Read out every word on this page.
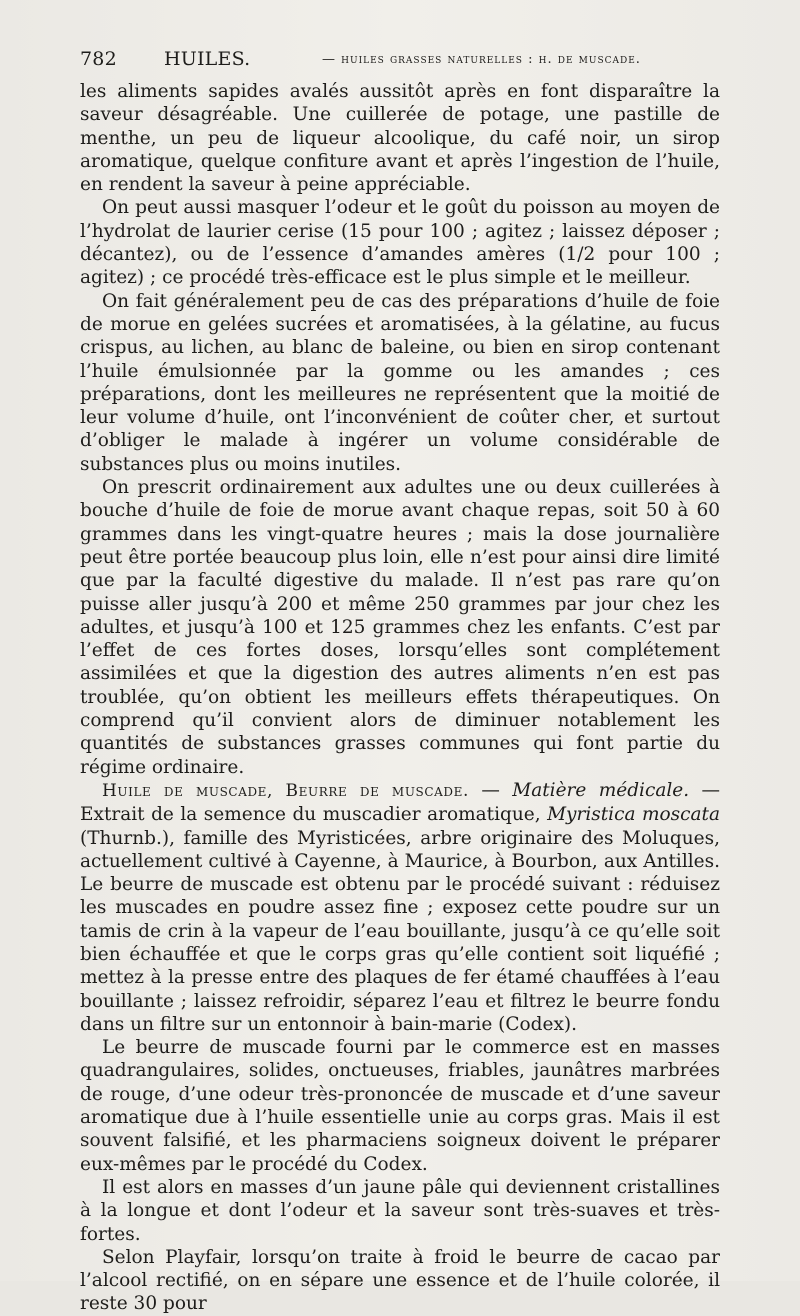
782 HUILES.	— huiles grasses naturelles : h. de muscade.

les aliments sapides avalés aussitôt après en font disparaître la saveur désagréable. Une cuillerée de potage, une pastille de menthe, un peu de liqueur alcoolique, du café noir, un sirop aromatique, quelque confiture avant et après l’ingestion de l’huile, en rendent la saveur à peine appréciable.

On peut aussi masquer l’odeur et le goût du poisson au moyen de l’hydrolat de laurier cerise (15 pour 100 ; agitez ; laissez déposer ; décantez), ou de l’essence d’amandes amères (1/2 pour 100 ; agitez) ; ce procédé très-efficace est le plus simple et le meilleur.

On fait généralement peu de cas des préparations d’huile de foie de morue en gelées sucrées et aromatisées, à la gélatine, au fucus crispus, au lichen, au blanc de baleine, ou bien en sirop contenant l’huile émulsionnée par la gomme ou les amandes ; ces préparations, dont les meilleures ne représentent que la moitié de leur volume d’huile, ont l’inconvénient de coûter cher, et surtout d’obliger le malade à ingérer un volume considérable de substances plus ou moins inutiles.

On prescrit ordinairement aux adultes une ou deux cuillerées à bouche d’huile de foie de morue avant chaque repas, soit 50 à 60 grammes dans les vingt-quatre heures ; mais la dose journalière peut être portée beaucoup plus loin, elle n’est pour ainsi dire limité que par la faculté digestive du malade. Il n’est pas rare qu’on puisse aller jusqu’à 200 et même 250 grammes par jour chez les adultes, et jusqu’à 100 et 125 grammes chez les enfants. C’est par l’effet de ces fortes doses, lorsqu’elles sont complétement assimilées et que la digestion des autres aliments n’en est pas troublée, qu’on obtient les meilleurs effets thérapeutiques. On comprend qu’il convient alors de diminuer notablement les quantités de substances grasses communes qui font partie du régime ordinaire.

Huile de muscade, Beurre de muscade. — Matière médicale. — Extrait de la semence du muscadier aromatique, Myristica moscata (Thurnb.), famille des Myristicées, arbre originaire des Moluques, actuellement cultivé à Cayenne, à Maurice, à Bourbon, aux Antilles. Le beurre de muscade est obtenu par le procédé suivant : réduisez les muscades en poudre assez fine ; exposez cette poudre sur un tamis de crin à la vapeur de l’eau bouillante, jusqu’à ce qu’elle soit bien échauffée et que le corps gras qu’elle contient soit liquéfié ; mettez à la presse entre des plaques de fer étamé chauffées à l’eau bouillante ; laissez refroidir, séparez l’eau et filtrez le beurre fondu dans un filtre sur un entonnoir à bain-marie (Codex).

Le beurre de muscade fourni par le commerce est en masses quadrangulaires, solides, onctueuses, friables, jaunâtres marbrées de rouge, d’une odeur très-prononcée de muscade et d’une saveur aromatique due à l’huile essentielle unie au corps gras. Mais il est souvent falsifié, et les pharmaciens soigneux doivent le préparer eux-mêmes par le procédé du Codex.

Il est alors en masses d’un jaune pâle qui deviennent cristallines à la longue et dont l’odeur et la saveur sont très-suaves et très-fortes.

Selon Playfair, lorsqu’on traite à froid le beurre de cacao par l’alcool rectifié, on en sépare une essence et de l’huile colorée, il reste 30 pour
